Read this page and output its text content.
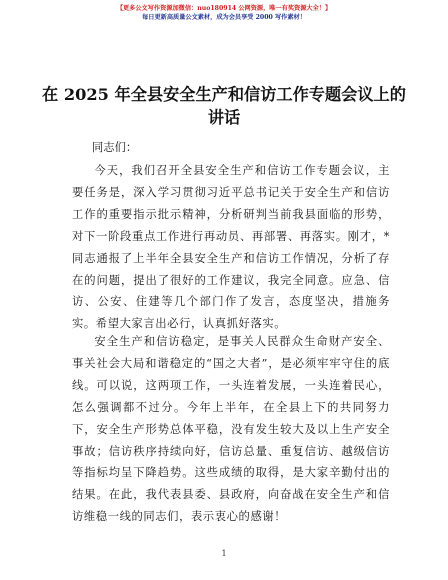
【更多公文写作资源加微信：nuo180914 公网资源，唯一有奖资源大全！】
每日更新高质量公文素材，成为会员享受 2000 写作素材！
在 2025 年全县安全生产和信访工作专题会议上的讲话
同志们：

今天，我们召开全县安全生产和信访工作专题会议，主要任务是，深入学习贯彻习近平总书记关于安全生产和信访工作的重要指示批示精神，分析研判当前我县面临的形势，对下一阶段重点工作进行再动员、再部署、再落实。刚才，*同志通报了上半年全县安全生产和信访工作情况，分析了存在的问题，提出了很好的工作建议，我完全同意。应急、信访、公安、住建等几个部门作了发言，态度坚决，措施务实。希望大家言出必行，认真抓好落实。

安全生产和信访稳定，是事关人民群众生命财产安全、事关社会大局和谐稳定的“国之大者”，是必须牢牢守住的底线。可以说，这两项工作，一头连着发展，一头连着民心，怎么强调都不过分。今年上半年，在全县上下的共同努力下，安全生产形势总体平稳，没有发生较大及以上生产安全事故；信访秩序持续向好，信访总量、重复信访、越级信访等指标均呈下降趋势。这些成绩的取得，是大家辛勤付出的结果。在此，我代表县委、县政府，向奋战在安全生产和信访维稳一线的同志们，表示衷心的感谢！

1
